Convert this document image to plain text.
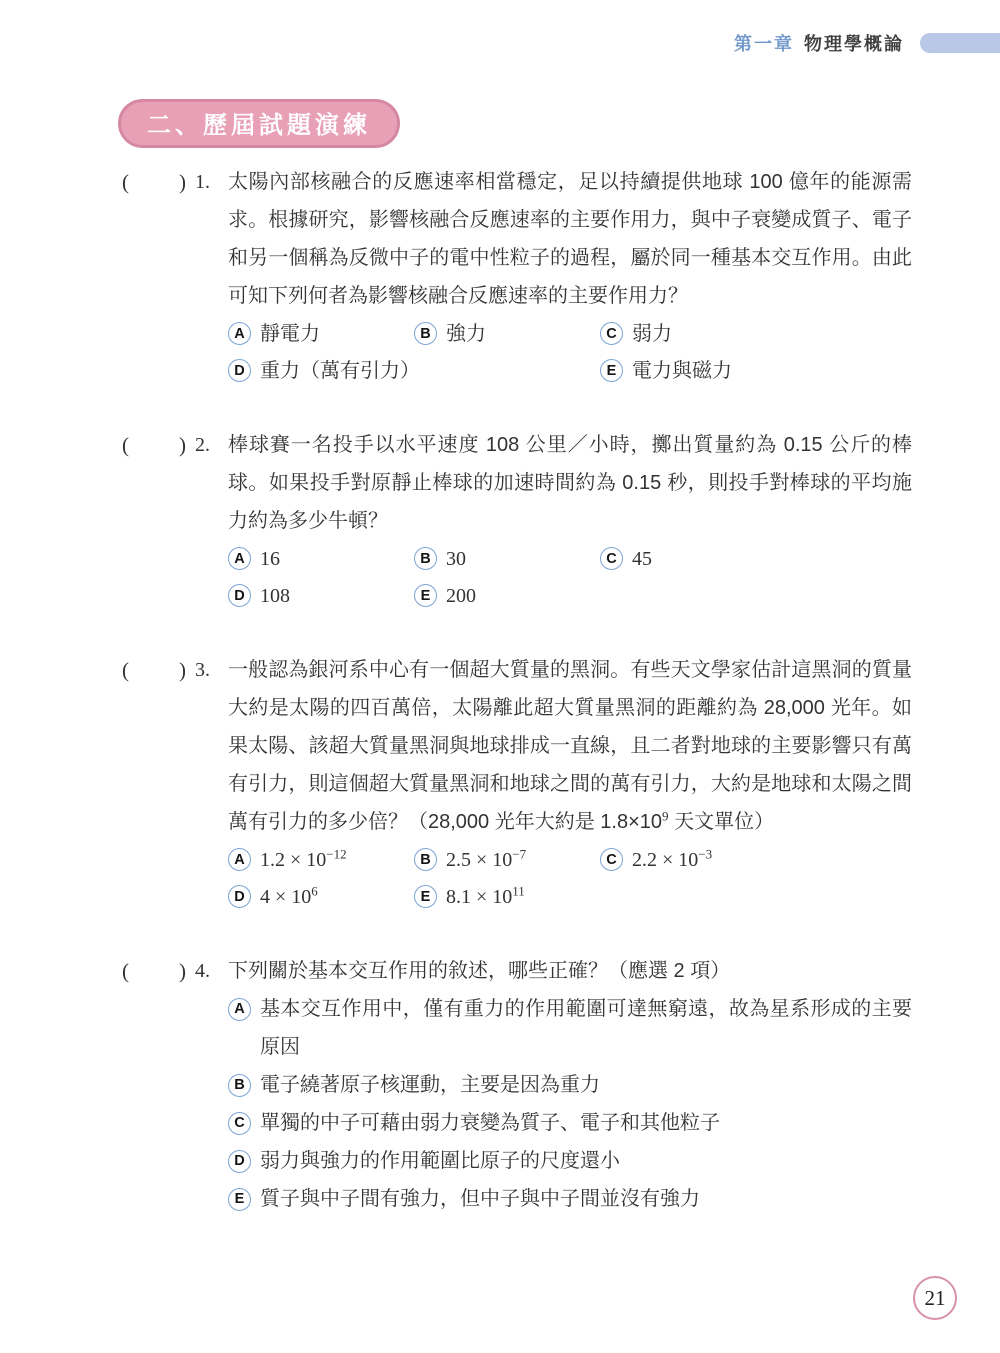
第一章 物理學概論
二、歷屆試題演練
( ) 1. 太陽內部核融合的反應速率相當穩定，足以持續提供地球 100 億年的能源需求。根據研究，影響核融合反應速率的主要作用力，與中子衰變成質子、電子和另一個稱為反微中子的電中性粒子的過程，屬於同一種基本交互作用。由此可知下列何者為影響核融合反應速率的主要作用力？
A 靜電力	B 強力	C 弱力
D 重力（萬有引力）	E 電力與磁力
( ) 2. 棒球賽一名投手以水平速度 108 公里／小時，擲出質量約為 0.15 公斤的棒球。如果投手對原靜止棒球的加速時間約為 0.15 秒，則投手對棒球的平均施力約為多少牛頓？
A 16	B 30	C 45
D 108	E 200
( ) 3. 一般認為銀河系中心有一個超大質量的黑洞。有些天文學家估計這黑洞的質量大約是太陽的四百萬倍，太陽離此超大質量黑洞的距離約為 28,000 光年。如果太陽、該超大質量黑洞與地球排成一直線，且二者對地球的主要影響只有萬有引力，則這個超大質量黑洞和地球之間的萬有引力，大約是地球和太陽之間萬有引力的多少倍？（28,000 光年大約是 $1.8\times 10^9$ 天文單位）
A $1.2 \times 10^{-12}$	B $2.5 \times 10^{-7}$	C $2.2 \times 10^{-3}$
D $4 \times 10^6$	E $8.1 \times 10^{11}$
( ) 4. 下列關於基本交互作用的敘述，哪些正確？（應選 2 項）
A 基本交互作用中，僅有重力的作用範圍可達無窮遠，故為星系形成的主要原因
B 電子繞著原子核運動，主要是因為重力
C 單獨的中子可藉由弱力衰變為質子、電子和其他粒子
D 弱力與強力的作用範圍比原子的尺度還小
E 質子與中子間有強力，但中子與中子間並沒有強力
21
